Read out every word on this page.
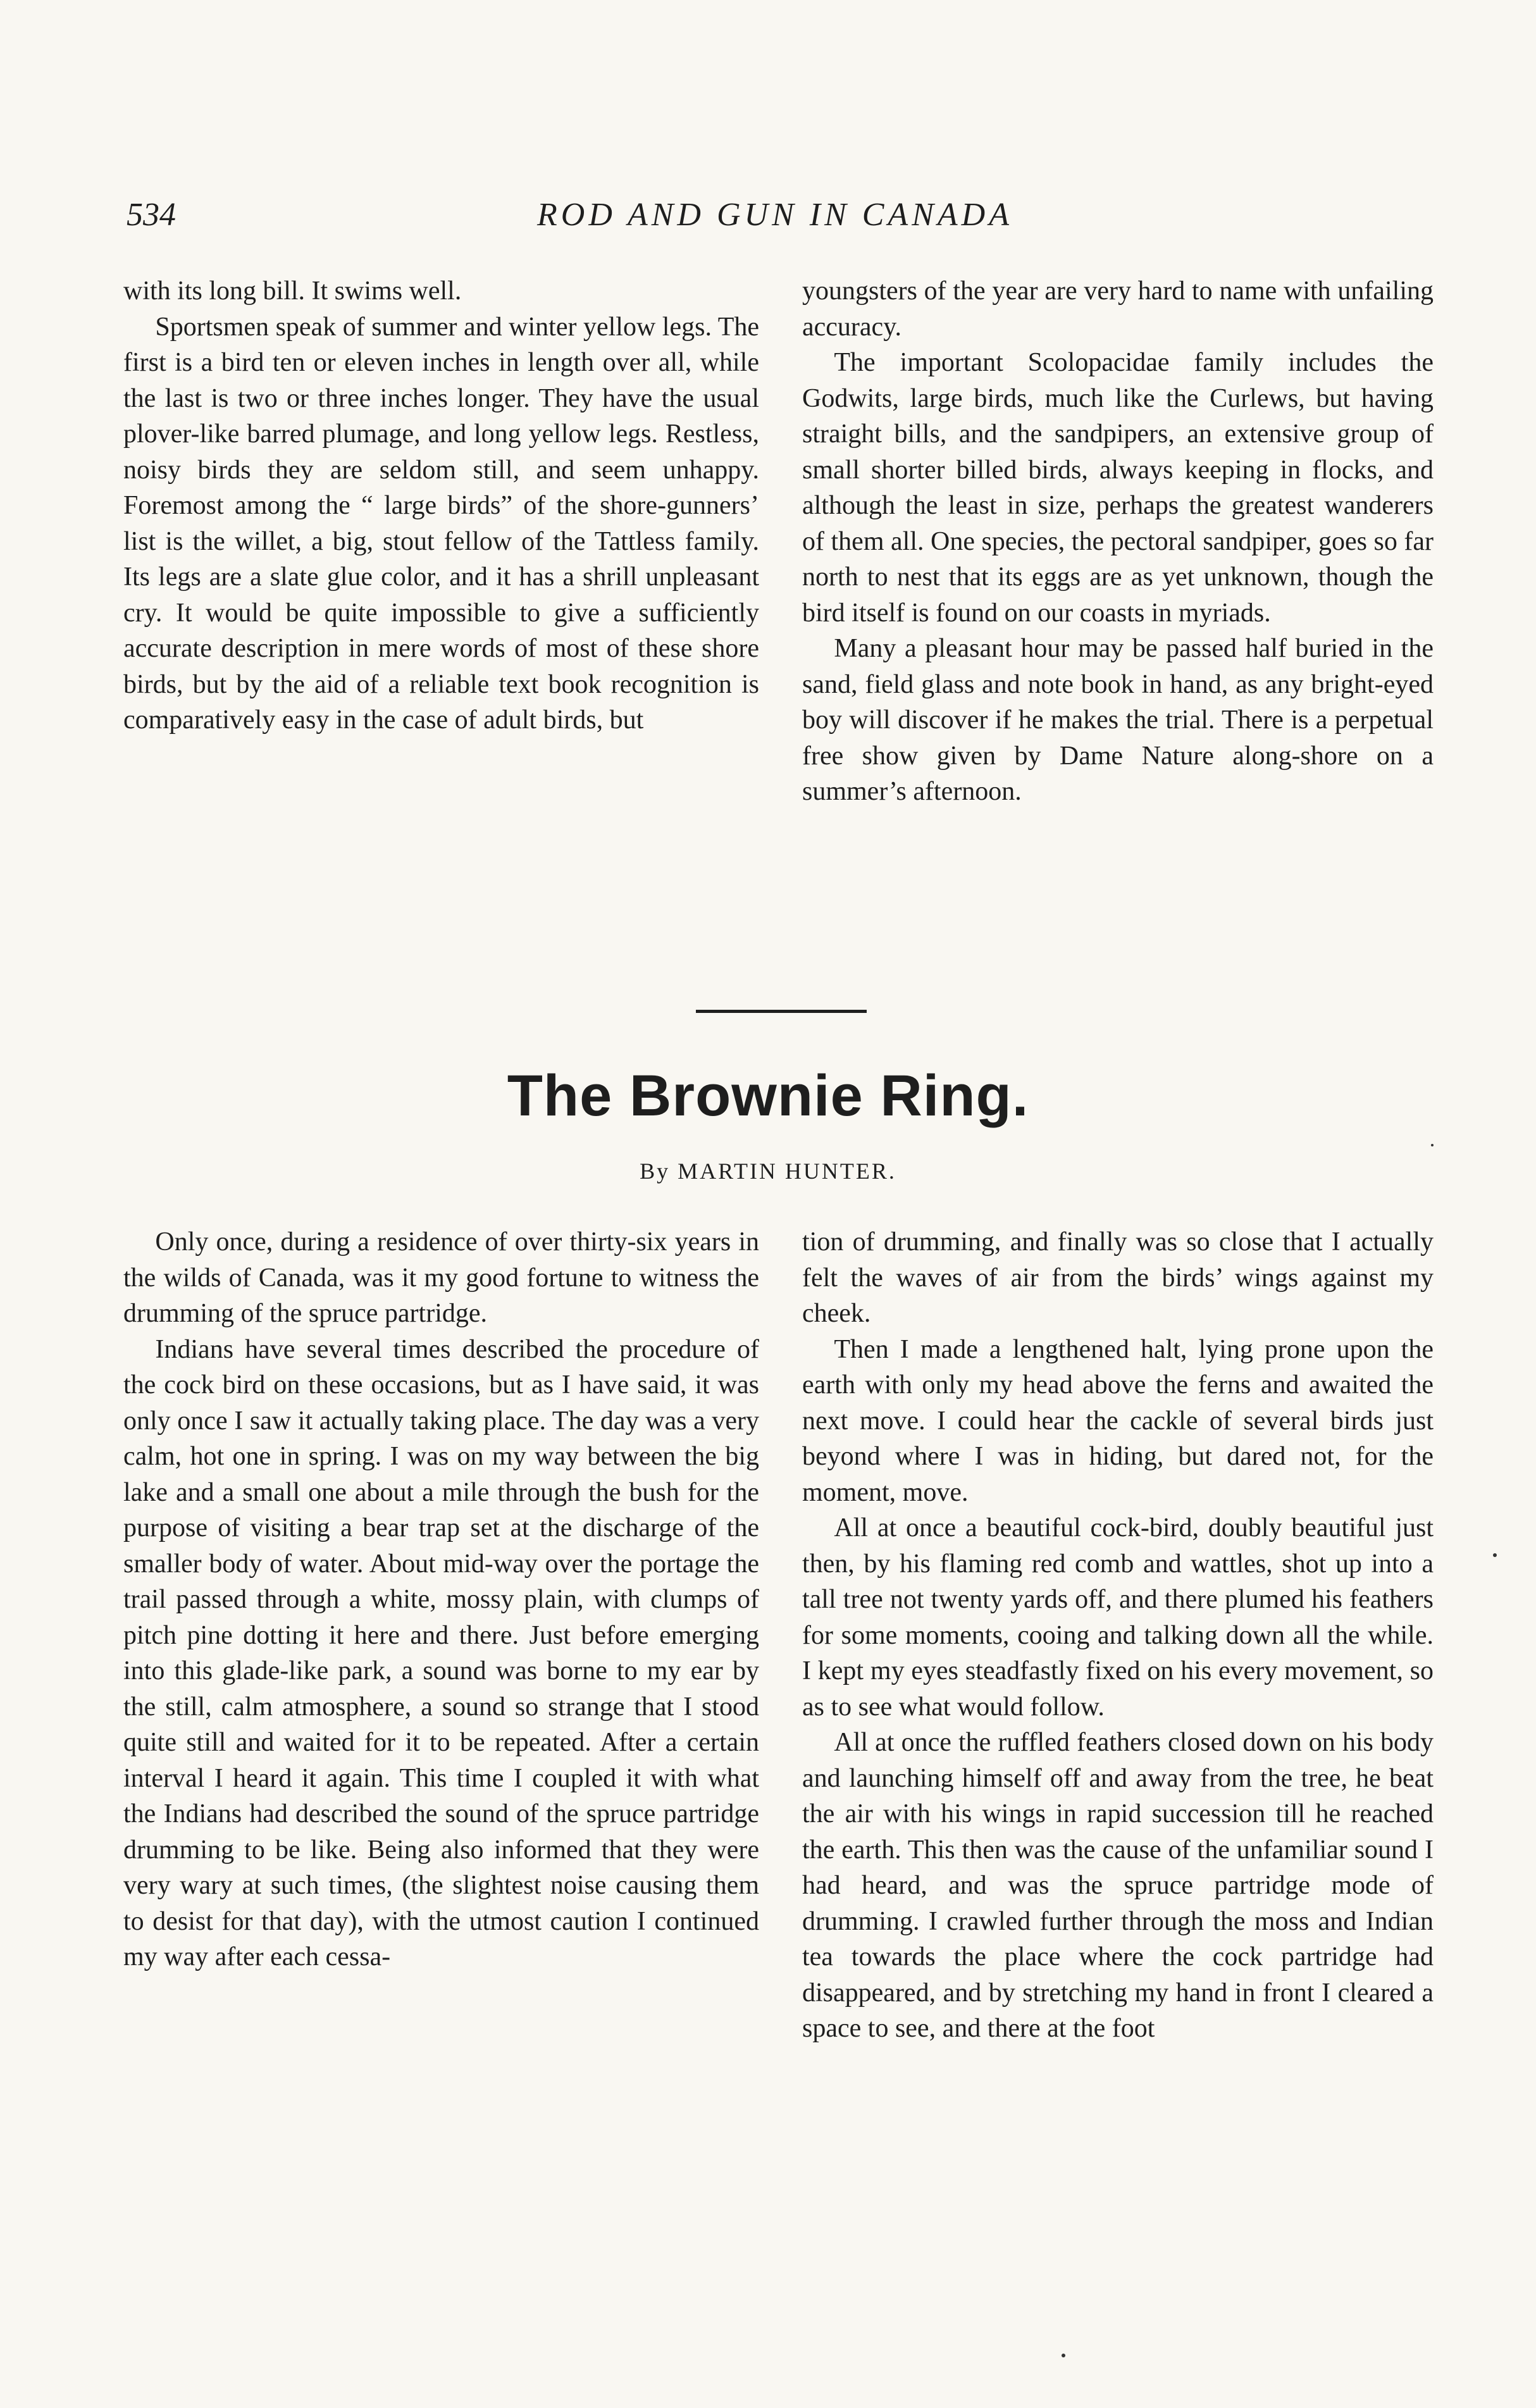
534	ROD AND GUN IN CANADA

with its long bill. It swims well.

Sportsmen speak of summer and winter yellow legs. The first is a bird ten or eleven inches in length over all, while the last is two or three inches longer. They have the usual plover-like barred plumage, and long yellow legs. Restless, noisy birds they are seldom still, and seem unhappy. Foremost among the “ large birds” of the shore-gunners’ list is the willet, a big, stout fellow of the Tattless family. Its legs are a slate glue color, and it has a shrill unpleasant cry. It would be quite impossible to give a sufficiently accurate description in mere words of most of these shore birds, but by the aid of a reliable text book recognition is comparatively easy in the case of adult birds, but

youngsters of the year are very hard to name with unfailing accuracy.

The important Scolopacidae family includes the Godwits, large birds, much like the Curlews, but having straight bills, and the sandpipers, an extensive group of small shorter billed birds, always keeping in flocks, and although the least in size, perhaps the greatest wanderers of them all. One species, the pectoral sandpiper, goes so far north to nest that its eggs are as yet unknown, though the bird itself is found on our coasts in myriads.

Many a pleasant hour may be passed half buried in the sand, field glass and note book in hand, as any bright-eyed boy will discover if he makes the trial. There is a perpetual free show given by Dame Nature along-shore on a summer’s afternoon.

The Brownie Ring.
By MARTIN HUNTER.

Only once, during a residence of over thirty-six years in the wilds of Canada, was it my good fortune to witness the drumming of the spruce partridge.

Indians have several times described the procedure of the cock bird on these occasions, but as I have said, it was only once I saw it actually taking place. The day was a very calm, hot one in spring. I was on my way between the big lake and a small one about a mile through the bush for the purpose of visiting a bear trap set at the discharge of the smaller body of water. About mid-way over the portage the trail passed through a white, mossy plain, with clumps of pitch pine dotting it here and there. Just before emerging into this glade-like park, a sound was borne to my ear by the still, calm atmosphere, a sound so strange that I stood quite still and waited for it to be repeated. After a certain interval I heard it again. This time I coupled it with what the Indians had described the sound of the spruce partridge drumming to be like. Being also informed that they were very wary at such times, (the slightest noise causing them to desist for that day), with the utmost caution I continued my way after each cessa-

tion of drumming, and finally was so close that I actually felt the waves of air from the birds’ wings against my cheek.

Then I made a lengthened halt, lying prone upon the earth with only my head above the ferns and awaited the next move. I could hear the cackle of several birds just beyond where I was in hiding, but dared not, for the moment, move.

All at once a beautiful cock-bird, doubly beautiful just then, by his flaming red comb and wattles, shot up into a tall tree not twenty yards off, and there plumed his feathers for some moments, cooing and talking down all the while. I kept my eyes steadfastly fixed on his every movement, so as to see what would follow.

All at once the ruffled feathers closed down on his body and launching himself off and away from the tree, he beat the air with his wings in rapid succession till he reached the earth. This then was the cause of the unfamiliar sound I had heard, and was the spruce partridge mode of drumming. I crawled further through the moss and Indian tea towards the place where the cock partridge had disappeared, and by stretching my hand in front I cleared a space to see, and there at the foot
